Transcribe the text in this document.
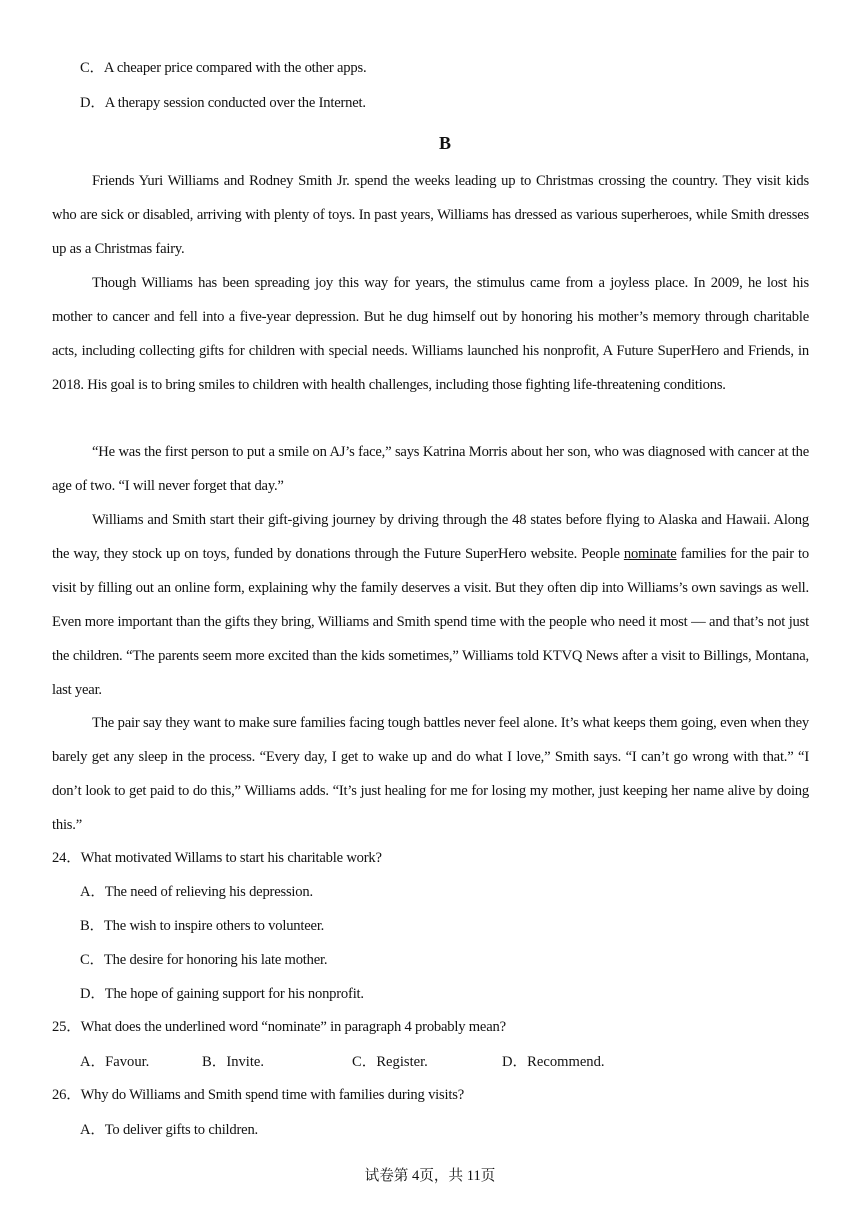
C．A cheaper price compared with the other apps.
D．A therapy session conducted over the Internet.
B
Friends Yuri Williams and Rodney Smith Jr. spend the weeks leading up to Christmas crossing the country. They visit kids who are sick or disabled, arriving with plenty of toys. In past years, Williams has dressed as various superheroes, while Smith dresses up as a Christmas fairy.
Though Williams has been spreading joy this way for years, the stimulus came from a joyless place. In 2009, he lost his mother to cancer and fell into a five-year depression. But he dug himself out by honoring his mother’s memory through charitable acts, including collecting gifts for children with special needs. Williams launched his nonprofit, A Future SuperHero and Friends, in 2018. His goal is to bring smiles to children with health challenges, including those fighting life-threatening conditions.
“He was the first person to put a smile on AJ’s face,” says Katrina Morris about her son, who was diagnosed with cancer at the age of two. “I will never forget that day.”
Williams and Smith start their gift-giving journey by driving through the 48 states before flying to Alaska and Hawaii. Along the way, they stock up on toys, funded by donations through the Future SuperHero website. People nominate families for the pair to visit by filling out an online form, explaining why the family deserves a visit. But they often dip into Williams’s own savings as well. Even more important than the gifts they bring, Williams and Smith spend time with the people who need it most — and that’s not just the children. “The parents seem more excited than the kids sometimes,” Williams told KTVQ News after a visit to Billings, Montana, last year.
The pair say they want to make sure families facing tough battles never feel alone. It’s what keeps them going, even when they barely get any sleep in the process. “Every day, I get to wake up and do what I love,” Smith says. “I can’t go wrong with that.” “I don’t look to get paid to do this,” Williams adds. “It’s just healing for me for losing my mother, just keeping her name alive by doing this.”
24．What motivated Willams to start his charitable work?
A．The need of relieving his depression.
B．The wish to inspire others to volunteer.
C．The desire for honoring his late mother.
D．The hope of gaining support for his nonprofit.
25．What does the underlined word “nominate” in paragraph 4 probably mean?
A．Favour.	B．Invite.	C．Register.	D．Recommend.
26．Why do Williams and Smith spend time with families during visits?
A．To deliver gifts to children.
试卷第 4页，共 11页
